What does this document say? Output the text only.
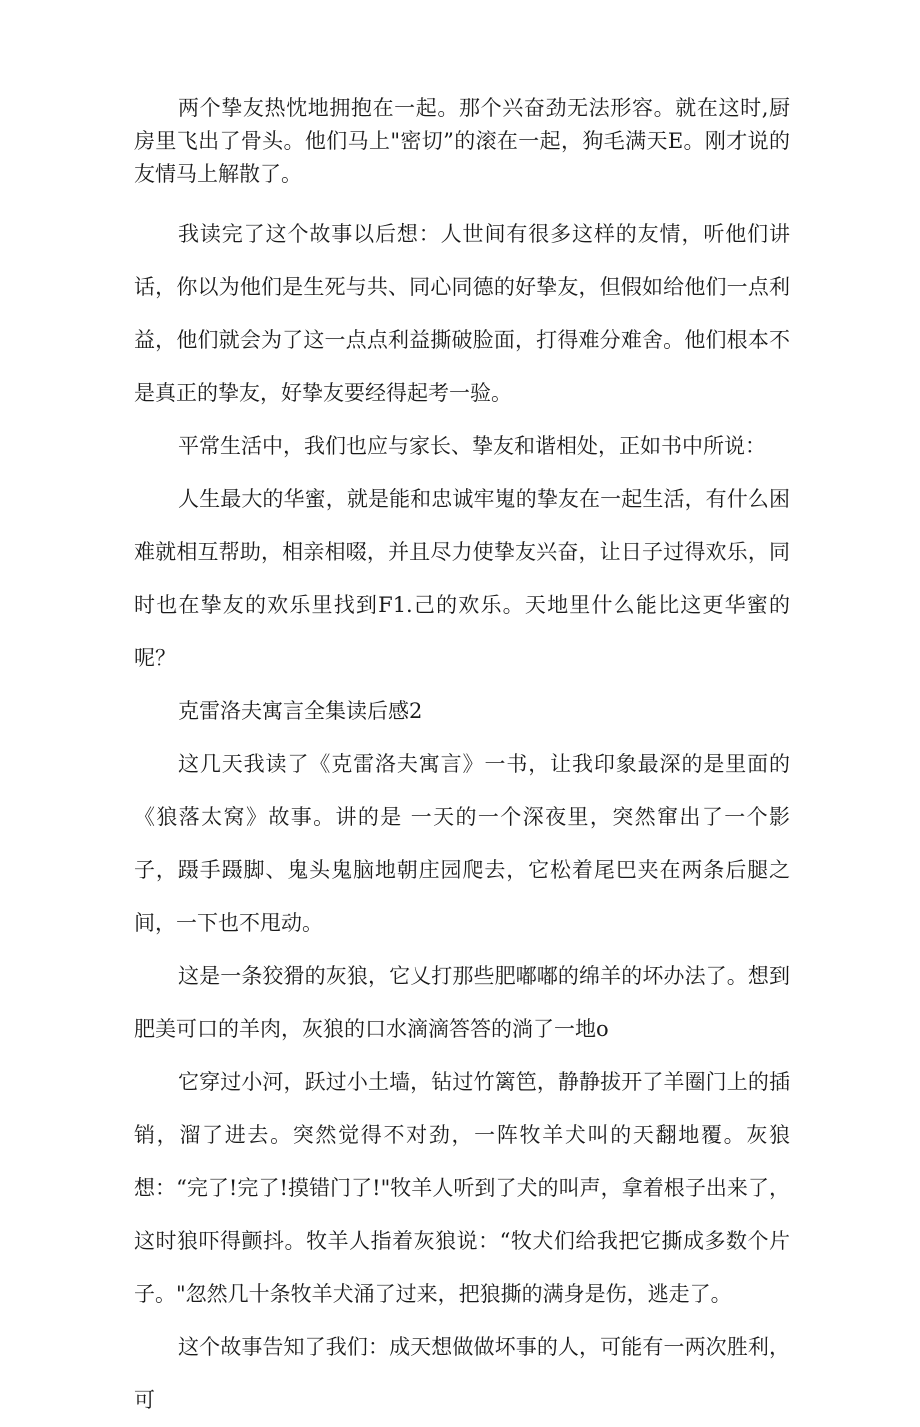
两个挚友热忱地拥抱在一起。那个兴奋劲无法形容。就在这时,厨房里飞出了骨头。他们马上"密切”的滚在一起，狗毛满天E。刚才说的友情马上解散了。

我读完了这个故事以后想：人世间有很多这样的友情，听他们讲话，你以为他们是生死与共、同心同德的好挚友，但假如给他们一点利益，他们就会为了这一点点利益撕破脸面，打得难分难舍。他们根本不是真正的挚友，好挚友要经得起考一验。

平常生活中，我们也应与家长、挚友和谐相处，正如书中所说：

人生最大的华蜜，就是能和忠诚牢嵬的挚友在一起生活，有什么困难就相互帮助，相亲相啜，并且尽力使挚友兴奋，让日子过得欢乐，同时也在挚友的欢乐里找到F1.己的欢乐。天地里什么能比这更华蜜的呢？

克雷洛夫寓言全集读后感2

这几天我读了《克雷洛夫寓言》一书，让我印象最深的是里面的《狼落太窝》故事。讲的是 一天的一个深夜里，突然窜出了一个影子，蹑手蹑脚、鬼头鬼脑地朝庄园爬去，它松着尾巴夹在两条后腿之间，一下也不甩动。

这是一条狡猾的灰狼，它乂打那些肥嘟嘟的绵羊的坏办法了。想到肥美可口的羊肉，灰狼的口水滴滴答答的淌了一地o

它穿过小河，跃过小土墙，钻过竹篱笆，静静拔开了羊圈门上的插销，溜了进去。突然觉得不对劲，一阵牧羊犬叫的天翻地覆。灰狼想：“完了!完了!摸错门了!"牧羊人听到了犬的叫声，拿着根子出来了，这时狼吓得颤抖。牧羊人指着灰狼说：“牧犬们给我把它撕成多数个片子。"忽然几十条牧羊犬涌了过来，把狼撕的满身是伤，逃走了。

这个故事告知了我们：成天想做做坏事的人，可能有一两次胜利，可
